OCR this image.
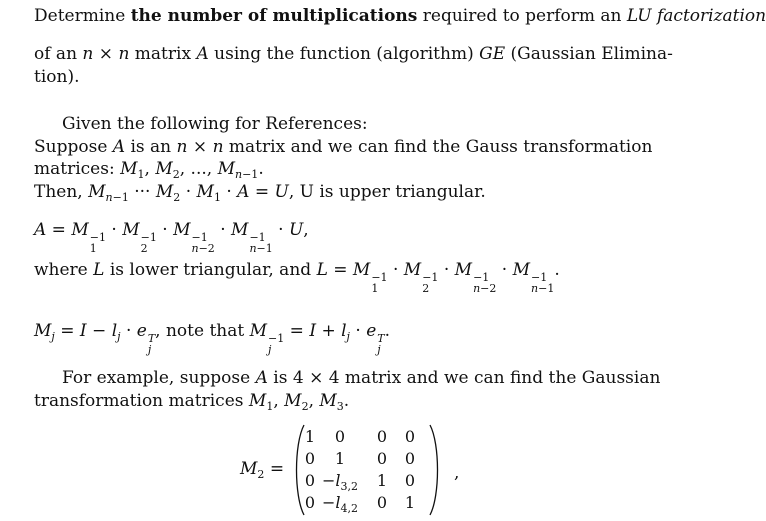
Determine the number of multiplications required to perform an LU factorization
of an n × n matrix A using the function (algorithm) GE (Gaussian Elimina-
tion).
Given the following for References:
Suppose A is an n × n matrix and we can find the Gauss transformation
matrices: $M_1$, $M_2$, ..., $M_{n-1}$.
Then, $M_{n-1}$ ··· $M_2 \cdot M_1 \cdot A = U$, U is upper triangular.
A = M −1
1
· M −1
2
· M −1
n−2
· M −1
n−1
· U,
where L is lower triangular, and L = M −1
1
· M −1
2
· M −1
n−2
· M −1
n−1
.
$M_j = I - l_j \cdot e$ T
j
, note that M −1
j
= $I + l_j \cdot e$ T
j
.
For example, suppose A is 4 × 4 matrix and we can find the Gaussian
transformation matrices $M_1$, $M_2$, $M_3$.
$M_2$ =
1	0	0 0
0	1	0 0
$0 -l_{3,2}$	1 0
$0 -l_{4,2}$	0 1
,
